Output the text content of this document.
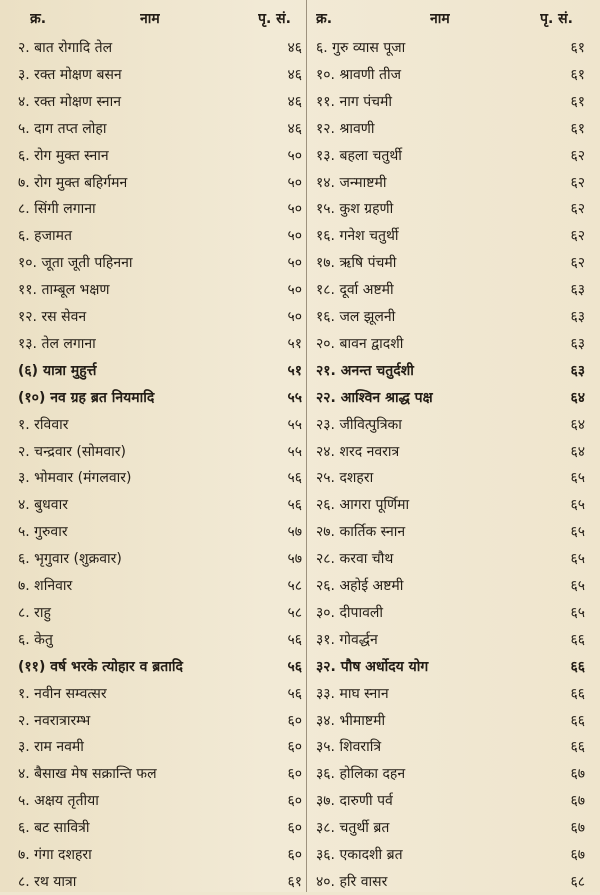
क्र.	नाम	पृ. सं. क्र.	नाम	पृ. सं.
२. बात रोगादि तेल	४६ ६. गुरु व्यास पूजा	६१
३. रक्त मोक्षण बसन	४६ १०. श्रावणी तीज	६१
४. रक्त मोक्षण स्नान	४६ ११. नाग पंचमी	६१
५. दाग तप्त लोहा	४६ १२. श्रावणी	६१
६. रोग मुक्त स्नान	५० १३. बहला चतुर्थी	६२
७. रोग मुक्त बहिर्गमन	५० १४. जन्माष्टमी	६२
८. सिंगी लगाना	५० १५. कुश ग्रहणी	६२
६. हजामत	५० १६. गनेश चतुर्थी	६२
१०. जूता जूती पहिनना	५० १७. ऋषि पंचमी	६२
११. ताम्बूल भक्षण	५० १८. दूर्वा अष्टमी	६३
१२. रस सेवन	५० १६. जल झूलनी	६३
१३. तेल लगाना	५१ २०. बावन द्वादशी	६३
(६) यात्रा मुहुर्त्त	५१ २१. अनन्त चतुर्दशी	६३
(१०) नव ग्रह ब्रत नियमादि	५५ २२. आश्विन श्राद्ध पक्ष	६४
१. रविवार	५५ २३. जीवित्पुत्रिका	६४
२. चन्द्रवार (सोमवार)	५५ २४. शरद नवरात्र	६४
३. भोमवार (मंगलवार)	५६ २५. दशहरा	६५
४. बुधवार	५६ २६. आगरा पूर्णिमा	६५
५. गुरुवार	५७ २७. कार्तिक स्नान	६५
६. भृगुवार (शुक्रवार)	५७ २८. करवा चौथ	६५
७. शनिवार	५८ २६. अहोई अष्टमी	६५
८. राहु	५८ ३०. दीपावली	६५
६. केतु	५६ ३१. गोवर्द्धन	६६
(११) वर्ष भरके त्योहार व ब्रतादि	५६ ३२. पौष अर्धोदय योग	६६
१. नवीन सम्वत्सर	५६ ३३. माघ स्नान	६६
२. नवरात्रारम्भ	६० ३४. भीमाष्टमी	६६
३. राम नवमी	६० ३५. शिवरात्रि	६६
४. बैसाख मेष सक्रान्ति फल	६० ३६. होलिका दहन	६७
५. अक्षय तृतीया	६० ३७. दारुणी पर्व	६७
६. बट सावित्री	६० ३८. चतुर्थी ब्रत	६७
७. गंगा दशहरा	६० ३६. एकादशी ब्रत	६७
८. रथ यात्रा	६१ ४०. हरि वासर	६८
